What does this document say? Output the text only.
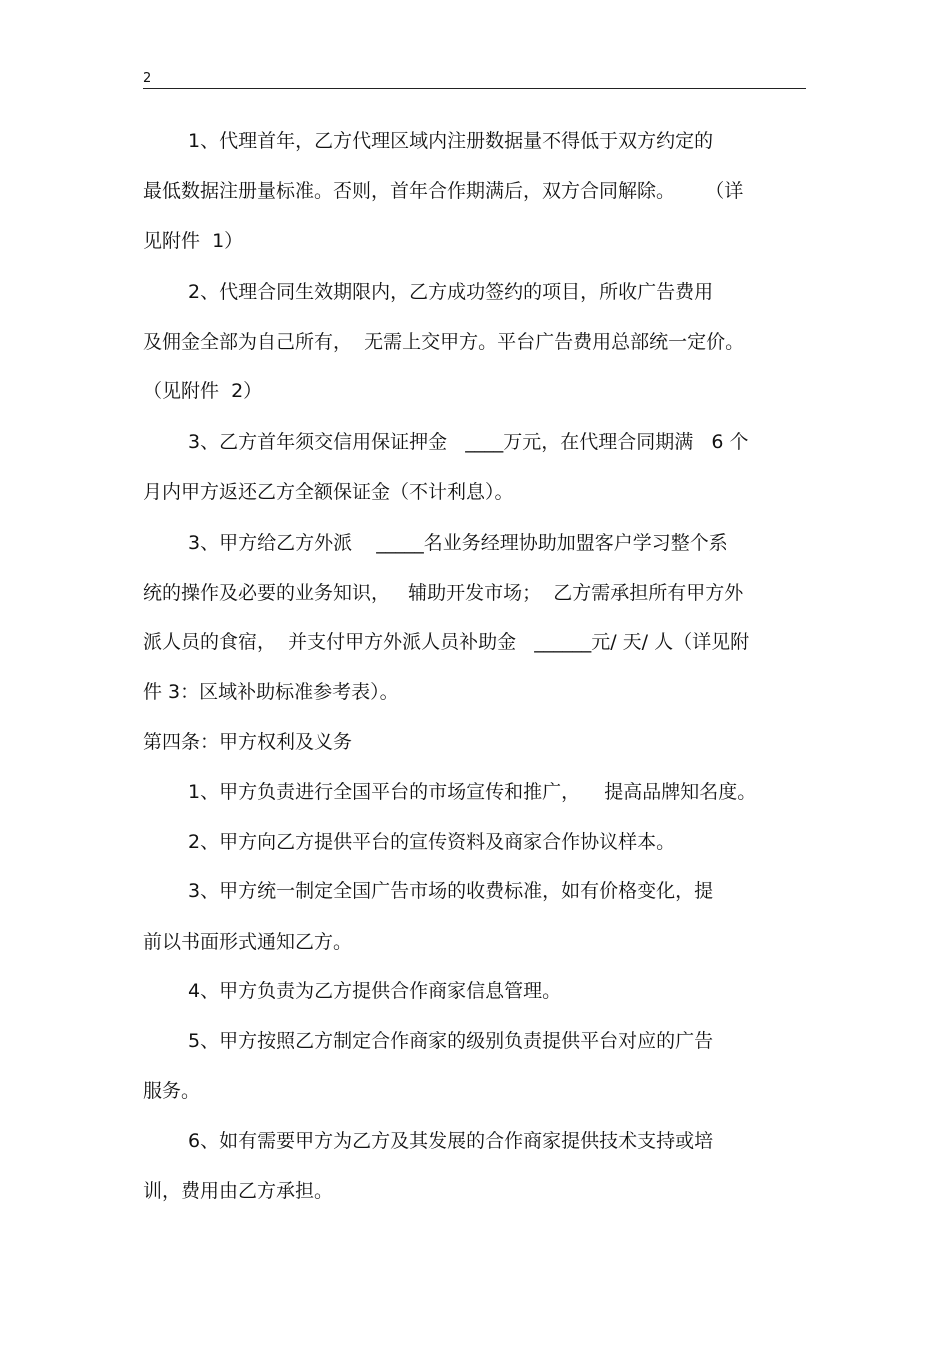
2
1、代理首年，乙方代理区域内注册数据量不得低于双方约定的
最低数据注册量标准。否则，首年合作期满后，双方合同解除。     （详
见附件  1）
2、代理合同生效期限内，乙方成功签约的项目，所收广告费用
及佣金全部为自己所有，  无需上交甲方。平台广告费用总部统一定价。
（见附件  2）
3、乙方首年须交信用保证押金   ____万元，在代理合同期满   6 个
月内甲方返还乙方全额保证金（不计利息）。
3、甲方给乙方外派    _____名业务经理协助加盟客户学习整个系
统的操作及必要的业务知识，   辅助开发市场；  乙方需承担所有甲方外
派人员的食宿，  并支付甲方外派人员补助金   ______元/ 天/ 人（详见附
件 3：区域补助标准参考表）。
第四条：甲方权利及义务
1、甲方负责进行全国平台的市场宣传和推广，    提高品牌知名度。
2、甲方向乙方提供平台的宣传资料及商家合作协议样本。
3、甲方统一制定全国广告市场的收费标准，如有价格变化，提
前以书面形式通知乙方。
4、甲方负责为乙方提供合作商家信息管理。
5、甲方按照乙方制定合作商家的级别负责提供平台对应的广告
服务。
6、如有需要甲方为乙方及其发展的合作商家提供技术支持或培
训，费用由乙方承担。
